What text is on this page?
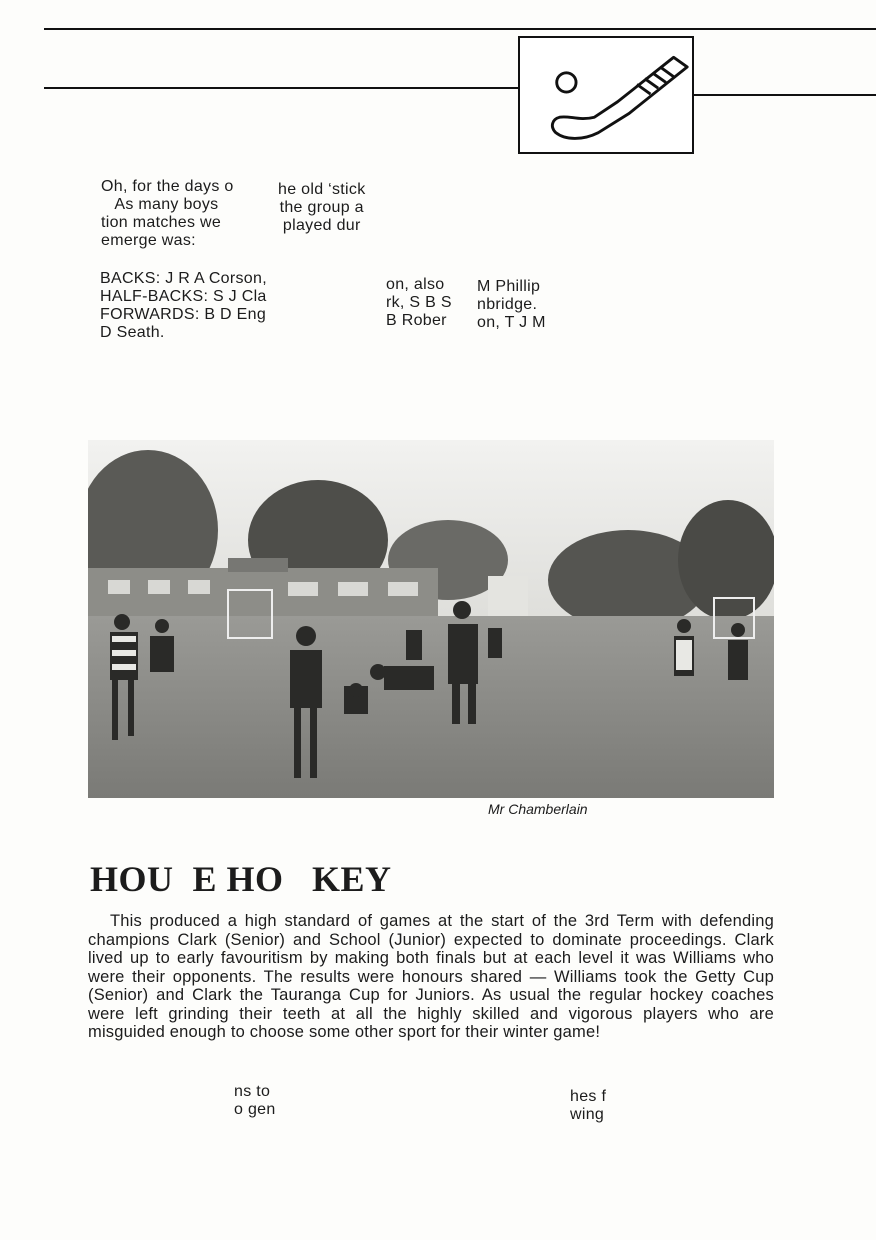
Oh, for the days o
As many boys
tion matches we
emerge was:
he old ‘stick
the group a
played dur
BACKS: J R A Corson,
HALF-BACKS: S J Cla
FORWARDS: B D Eng
D Seath.
on, also
rk, S B S
B Rober
M Phillip
nbridge.
on, T J M
Mr Chamberlain
HOU  E HO   KEY
This produced a high standard of games at the start of the 3rd Term with defending champions Clark (Senior) and School (Junior) expected to dominate proceedings. Clark lived up to early favouritism by making both finals but at each level it was Williams who were their opponents. The results were honours shared — Williams took the Getty Cup (Senior) and Clark the Tauranga Cup for Juniors. As usual the regular hockey coaches were left grinding their teeth at all the highly skilled and vigorous players who are misguided enough to choose some other sport for their winter game!
ns to
o gen
hes f
wing
